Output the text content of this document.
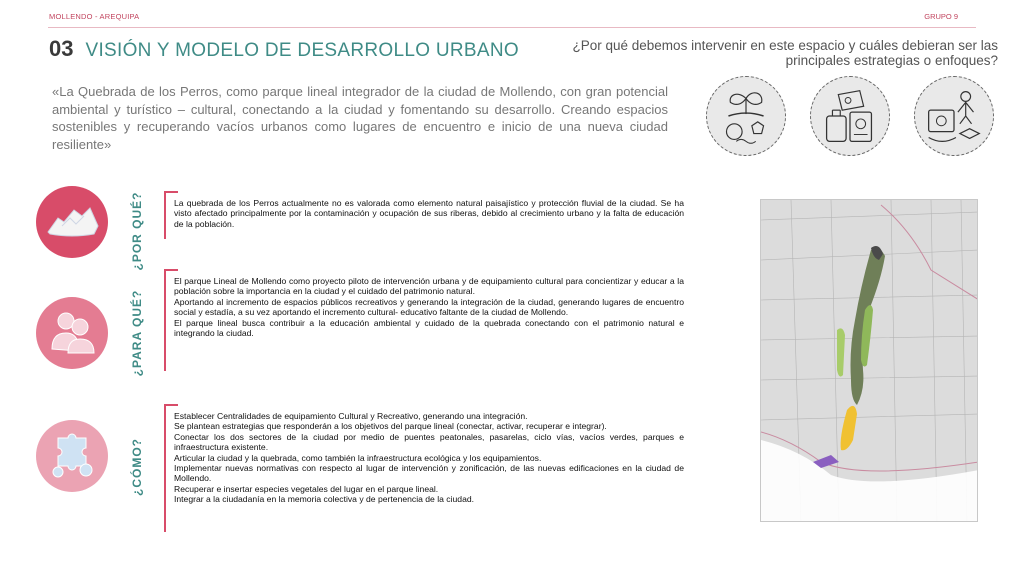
MOLLENDO - AREQUIPA	GRUPO 9
03 VISIÓN Y MODELO DE DESARROLLO URBANO	¿Por qué debemos intervenir en este espacio y cuáles debieran ser las principales estrategias o enfoques?
«La Quebrada de los Perros, como parque lineal integrador de la ciudad de Mollendo, con gran potencial ambiental y turístico – cultural, conectando a la ciudad y fomentando su desarrollo. Creando espacios sostenibles y recuperando vacíos urbanos como lugares de encuentro e inicio de una nueva ciudad resiliente»
¿POR QUÉ?	La quebrada de los Perros actualmente no es valorada como elemento natural paisajístico y protección fluvial de la ciudad. Se ha visto afectado principalmente por la contaminación y ocupación de sus riberas, debido al crecimiento urbano y la falta de educación de la población.

¿PARA QUÉ?

El parque Lineal de Mollendo como proyecto piloto de intervención urbana y de equipamiento cultural para concientizar y educar a la población sobre la importancia en la ciudad y el cuidado del patrimonio natural.

Aportando al incremento de espacios públicos recreativos y generando la integración de la ciudad, generando lugares de encuentro social y estadía, a su vez aportando el incremento cultural- educativo faltante de la ciudad de Mollendo.

El parque lineal busca contribuir a la educación ambiental y cuidado de la quebrada conectando con el patrimonio natural e integrando la ciudad.

¿CÓMO?

Establecer Centralidades de equipamiento Cultural y Recreativo, generando una integración.

Se plantean estrategias que responderán a los objetivos del parque lineal (conectar, activar, recuperar e integrar).

Conectar los dos sectores de la ciudad por medio de puentes peatonales, pasarelas, ciclo vías, vacíos verdes, parques e infraestructura existente.

Articular la ciudad y la quebrada, como también la infraestructura ecológica y los equipamientos.

Implementar nuevas normativas con respecto al lugar de intervención y zonificación, de las nuevas edificaciones en la ciudad de Mollendo.

Recuperar e insertar especies vegetales del lugar en el parque lineal.

Integrar a la ciudadanía en la memoria colectiva y de pertenencia de la ciudad.
